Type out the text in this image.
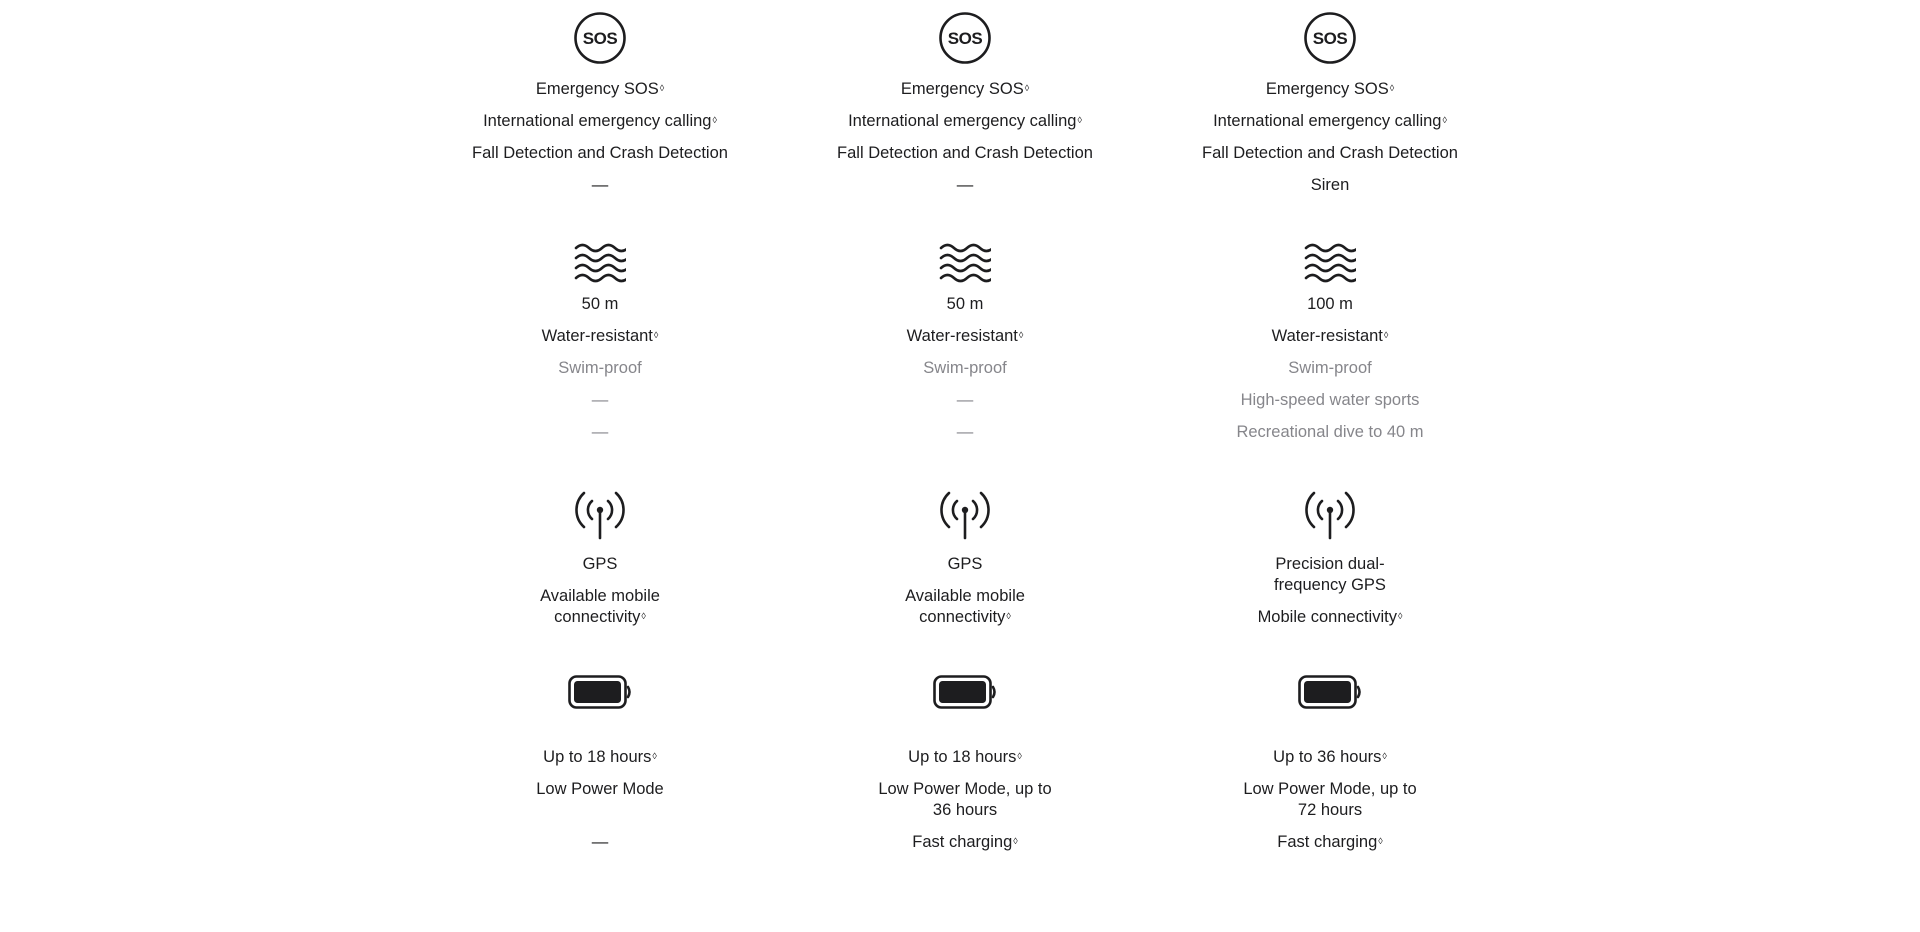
SOS
Emergency SOS◊
International emergency calling◊
Fall Detection and Crash Detection
—
50 m
Water-resistant◊
Swim-proof
—
—
GPS
Available mobile connectivity◊
Up to 18 hours◊
Low Power Mode
—
SOS
Emergency SOS◊
International emergency calling◊
Fall Detection and Crash Detection
—
50 m
Water-resistant◊
Swim-proof
—
—
GPS
Available mobile connectivity◊
Up to 18 hours◊
Low Power Mode, up to 36 hours
Fast charging◊
SOS
Emergency SOS◊
International emergency calling◊
Fall Detection and Crash Detection
Siren
100 m
Water-resistant◊
Swim-proof
High-speed water sports
Recreational dive to 40 m
Precision dual-frequency GPS
Mobile connectivity◊
Up to 36 hours◊
Low Power Mode, up to 72 hours
Fast charging◊
